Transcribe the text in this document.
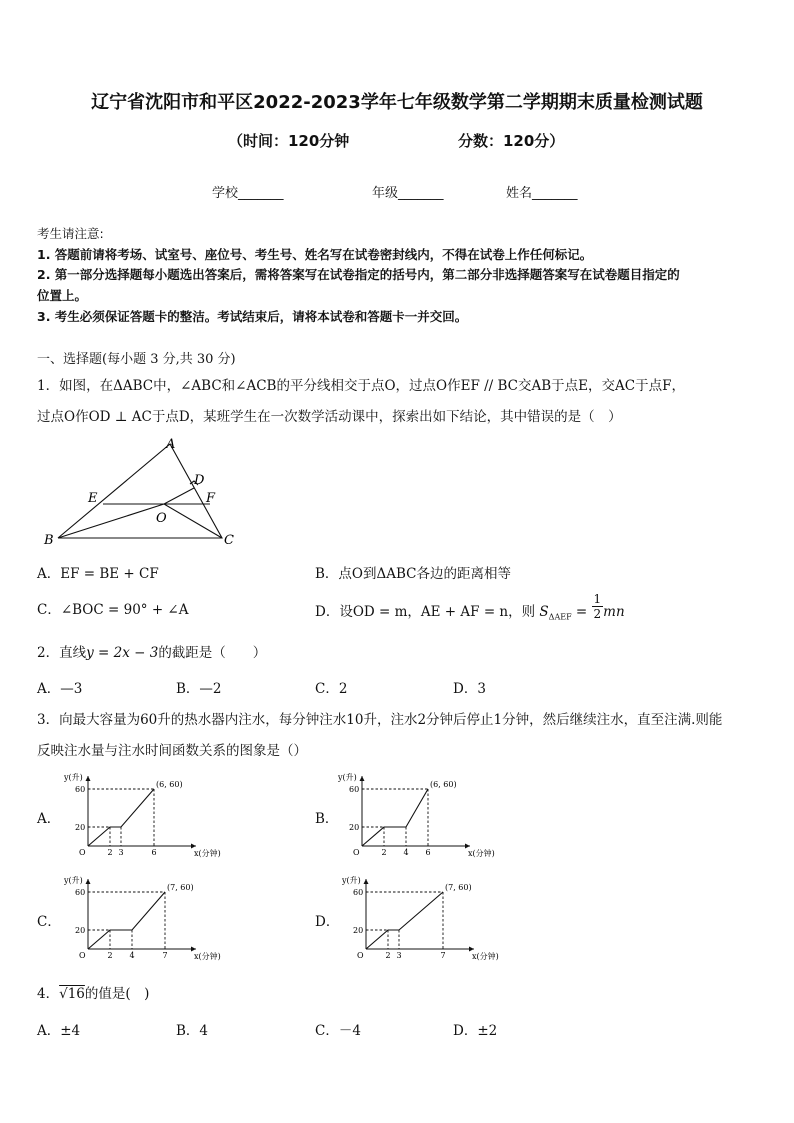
辽宁省沈阳市和平区2022-2023学年七年级数学第二学期期末质量检测试题
（时间：120分钟	分数：120分）
学校_______	年级_______	姓名_______
考生请注意:
1. 答题前请将考场、试室号、座位号、考生号、姓名写在试卷密封线内，不得在试卷上作任何标记。
2. 第一部分选择题每小题选出答案后，需将答案写在试卷指定的括号内，第二部分非选择题答案写在试卷题目指定的
位置上。
3. 考生必须保证答题卡的整洁。考试结束后，请将本试卷和答题卡一并交回。
一、选择题(每小题 3 分,共 30 分)
1．如图，在ΔABC中，∠ABC和∠ACB的平分线相交于点O，过点O作EF // BC交AB于点E，交AC于点F，
过点O作OD ⊥ AC于点D，某班学生在一次数学活动课中，探索出如下结论，其中错误的是（　）
A
D
E	F
O
B	C
A．EF = BE + CF	B．点O到ΔABC各边的距离相等
C．∠BOC = 90° + ∠A	D．设OD = m，AE + AF = n，则 $S_{\Delta AEF} = \frac{1}{2}$ mn
2．直线y = 2x − 3的截距是（　　）
A．—3	B．—2	C．2	D．3
3．向最大容量为60升的热水器内注水，每分钟注水10升，注水2分钟后停止1分钟，然后继续注水，直至注满.则能
反映注水量与注水时间函数关系的图象是（）
A．	B．
C．	D．
y(升)
x(分钟)
O
60
20
2 3	6
(6, 60)
y(升)
x(分钟)
O
60
20
2 4 6
(6, 60)
y(升)
x(分钟)
O
60
20
2 4	7
(7, 60)
y(升)
x(分钟)
O
60
20
2 3	7
(7, 60)
4．√16的值是(　)
A．±4	B．4	C．－4	D．±2
